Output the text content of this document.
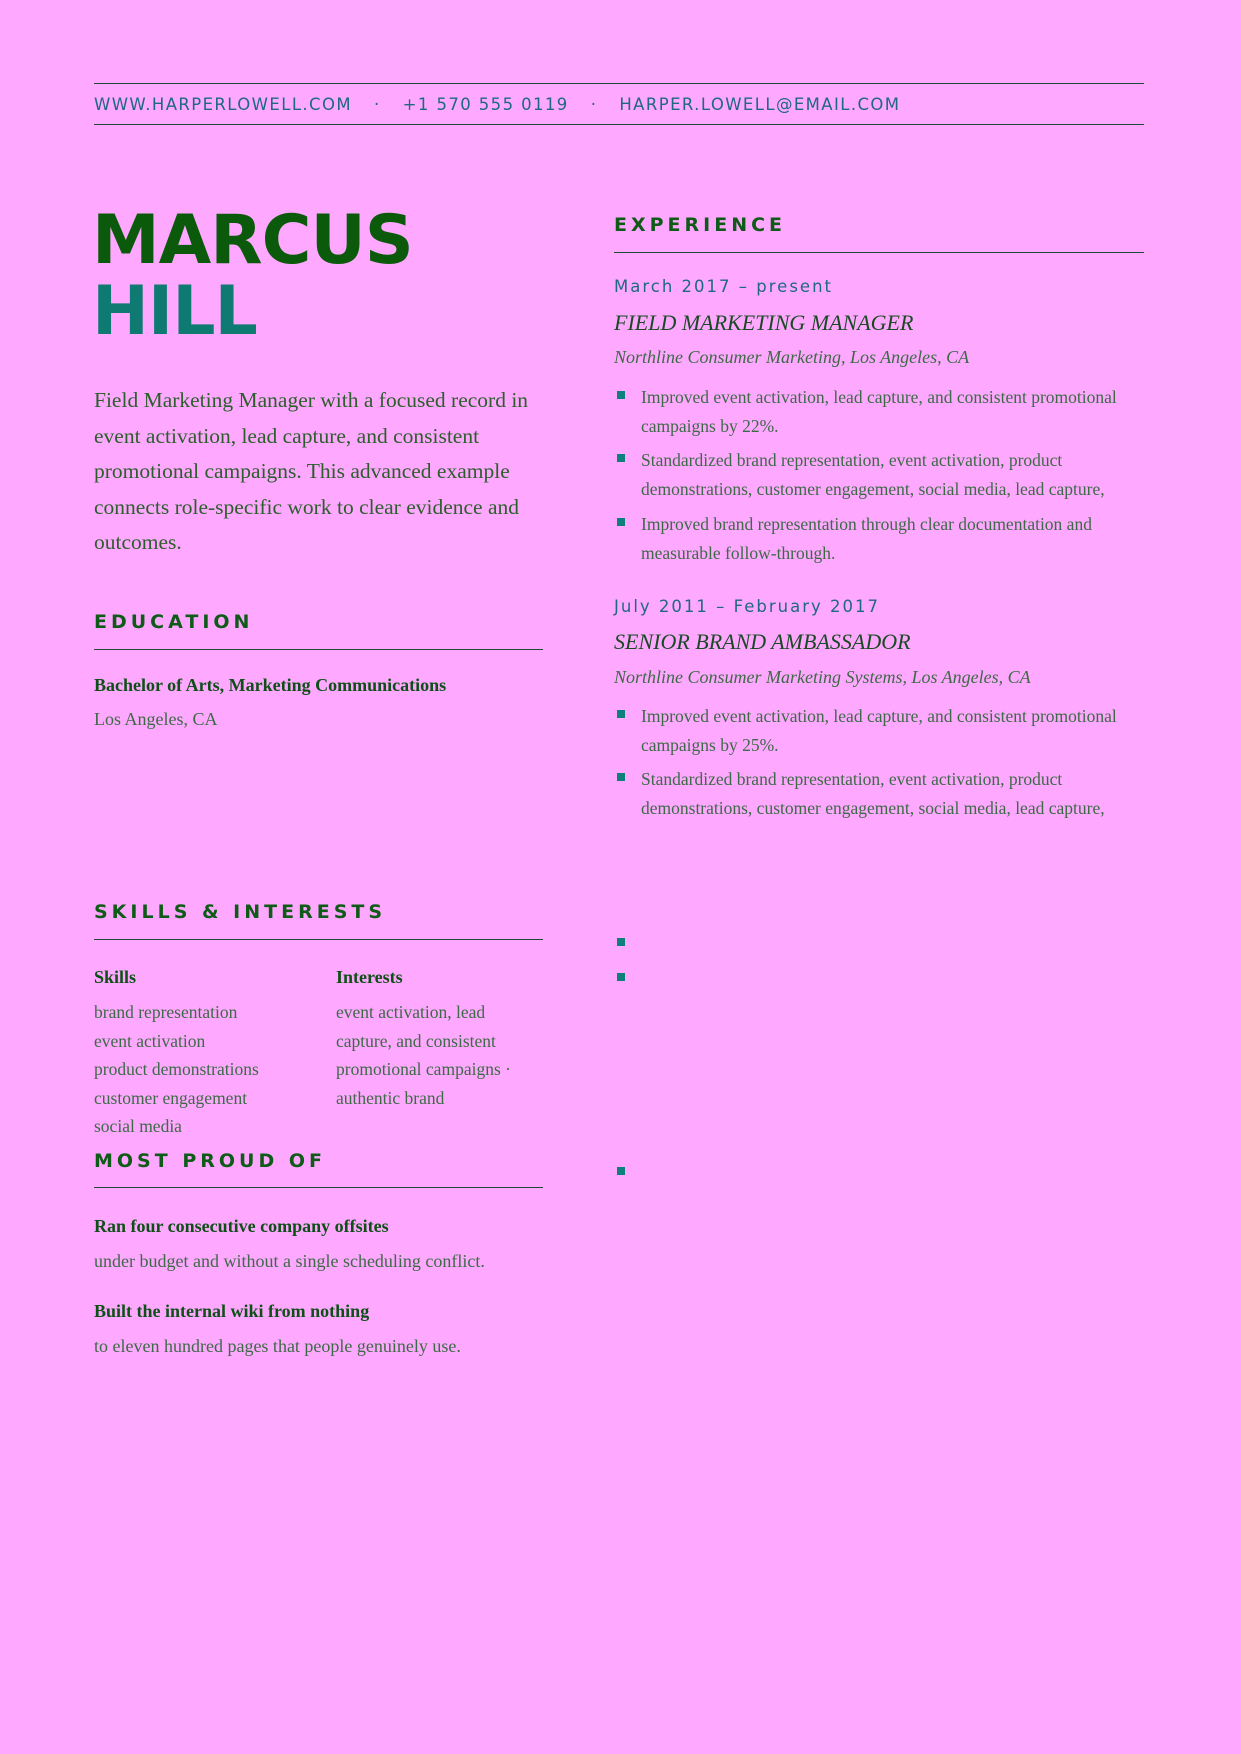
WWW.HARPERLOWELL.COM · +1 570 555 0119 · HARPER.LOWELL@EMAIL.COM
MARCUS
HILL
Field Marketing Manager with a focused record in event activation, lead capture, and consistent promotional campaigns. This advanced example connects role-specific work to clear evidence and outcomes.
EDUCATION
Bachelor of Arts, Marketing Communications
Los Angeles, CA
SKILLS & INTERESTS
Skills	Interests
brand representation
event activation
product demonstrations
customer engagement
social media
event activation, lead
capture, and consistent
promotional campaigns ·
authentic brand
MOST PROUD OF
Ran four consecutive company offsites
under budget and without a single scheduling conflict.
Built the internal wiki from nothing
to eleven hundred pages that people genuinely use.
EXPERIENCE
March 2017 – present
FIELD MARKETING MANAGER
Northline Consumer Marketing, Los Angeles, CA
Improved event activation, lead capture, and consistent promotional campaigns by 22%.
Standardized brand representation, event activation, product demonstrations, customer engagement, social media, lead capture,
Improved brand representation through clear documentation and measurable follow-through.
July 2011 – February 2017
SENIOR BRAND AMBASSADOR
Northline Consumer Marketing Systems, Los Angeles, CA
Improved event activation, lead capture, and consistent promotional campaigns by 25%.
Standardized brand representation, event activation, product demonstrations, customer engagement, social media, lead capture,
